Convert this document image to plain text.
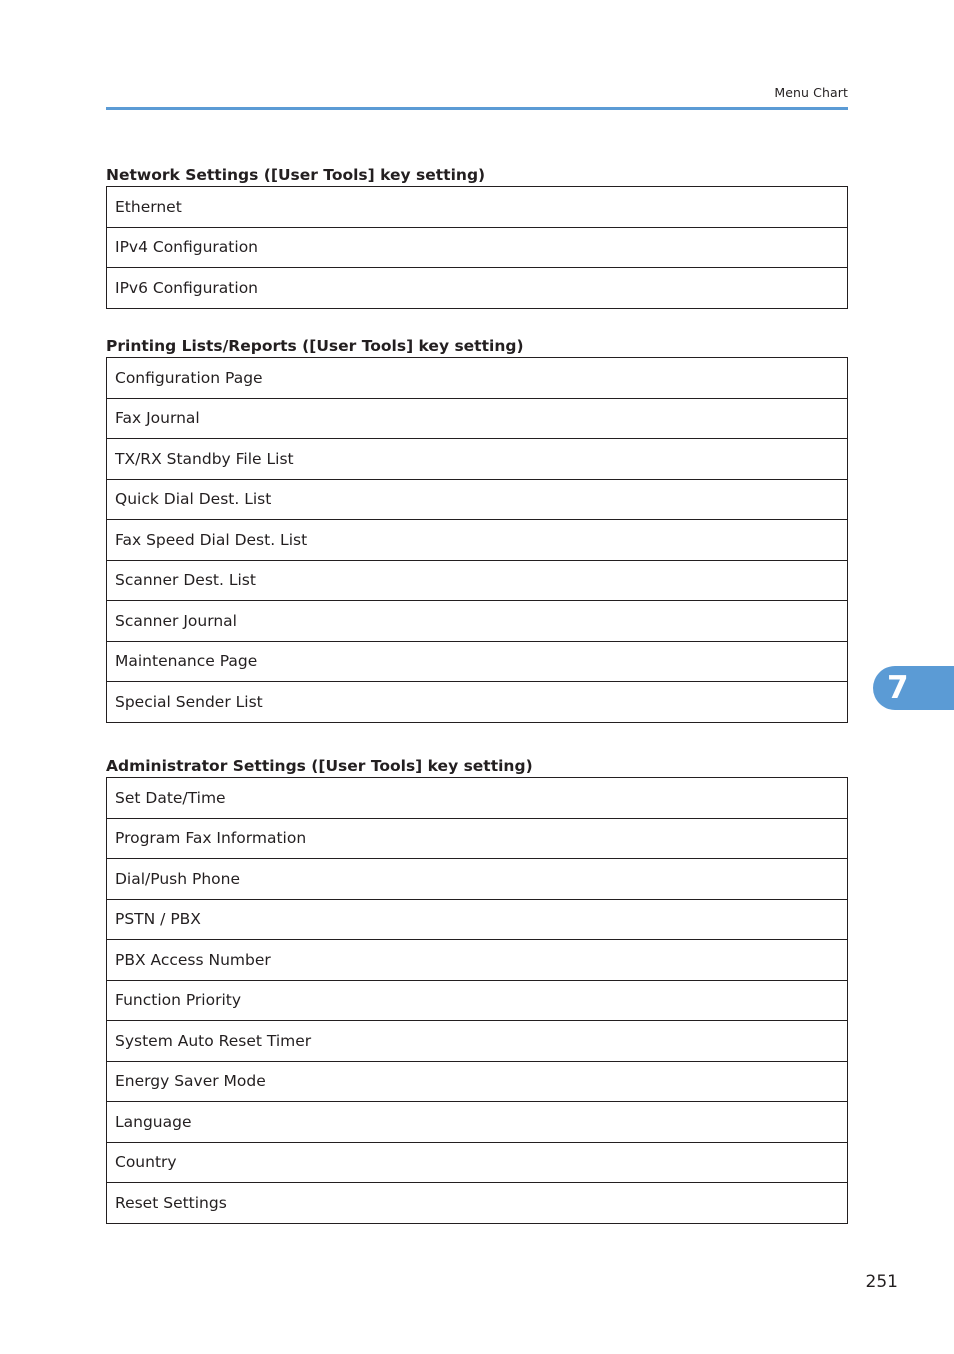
Menu Chart
Network Settings ([User Tools] key setting)
Ethernet
IPv4 Configuration
IPv6 Configuration
Printing Lists/Reports ([User Tools] key setting)
Configuration Page
Fax Journal
TX/RX Standby File List
Quick Dial Dest. List
Fax Speed Dial Dest. List
Scanner Dest. List
Scanner Journal
Maintenance Page
Special Sender List
Administrator Settings ([User Tools] key setting)
Set Date/Time
Program Fax Information
Dial/Push Phone
PSTN / PBX
PBX Access Number
Function Priority
System Auto Reset Timer
Energy Saver Mode
Language
Country
Reset Settings
7
251
